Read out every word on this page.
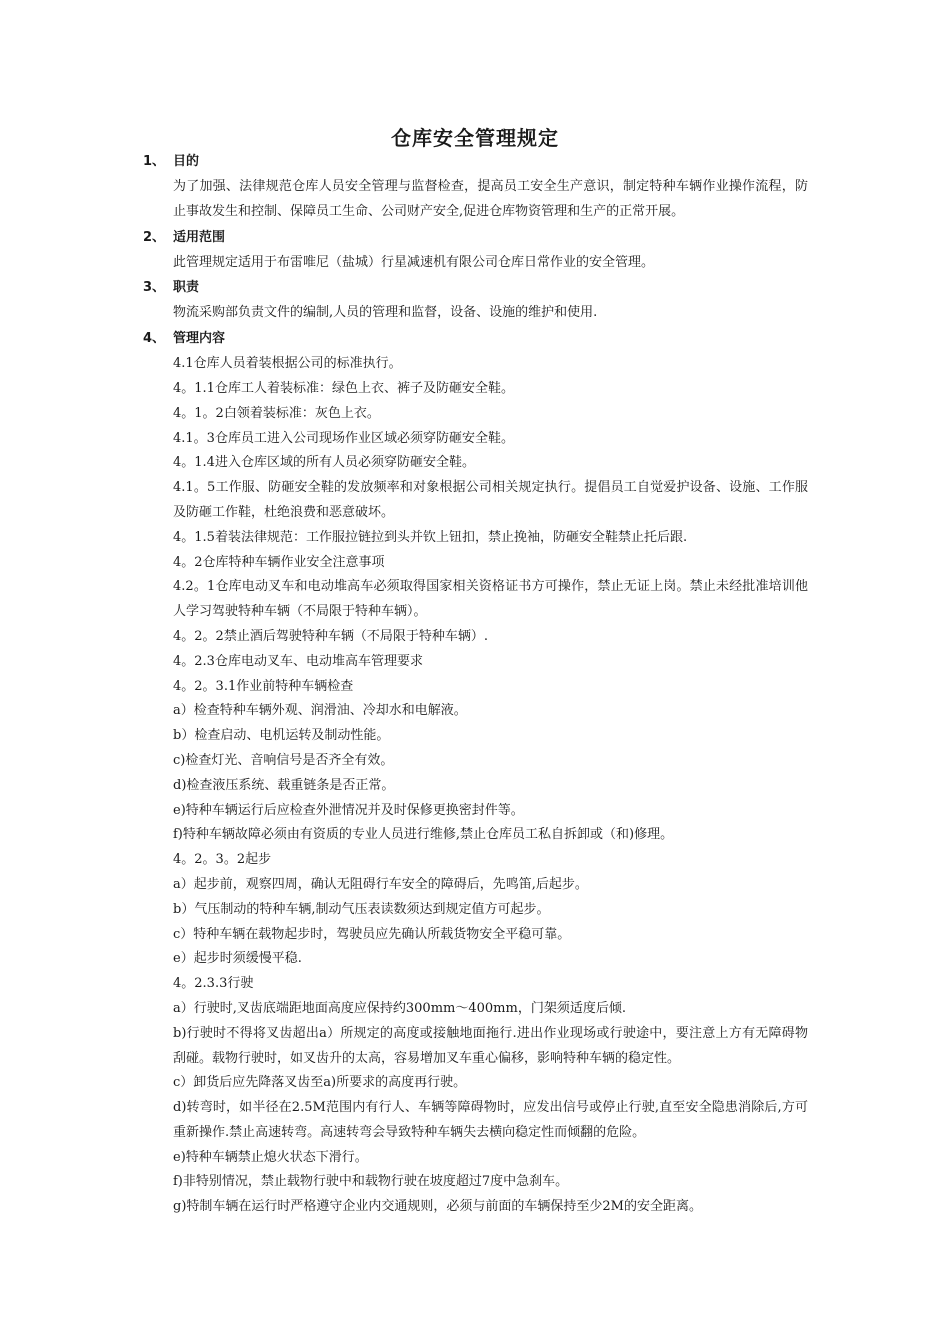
仓库安全管理规定
1、 目的
为了加强、法律规范仓库人员安全管理与监督检查，提高员工安全生产意识，制定特种车辆作业操作流程，防止事故发生和控制、保障员工生命、公司财产安全,促进仓库物资管理和生产的正常开展。
2、 适用范围
此管理规定适用于布雷唯尼（盐城）行星减速机有限公司仓库日常作业的安全管理。
3、 职责
物流采购部负责文件的编制,人员的管理和监督，设备、设施的维护和使用.
4、 管理内容
4.1仓库人员着装根据公司的标准执行。
4。1.1仓库工人着装标准：绿色上衣、裤子及防砸安全鞋。
4。1。2白领着装标准：灰色上衣。
4.1。3仓库员工进入公司现场作业区域必须穿防砸安全鞋。
4。1.4进入仓库区域的所有人员必须穿防砸安全鞋。
4.1。5工作服、防砸安全鞋的发放频率和对象根据公司相关规定执行。提倡员工自觉爱护设备、设施、工作服及防砸工作鞋，杜绝浪费和恶意破坏。
4。1.5着装法律规范：工作服拉链拉到头并钦上钮扣，禁止挽袖，防砸安全鞋禁止托后跟.
4。2仓库特种车辆作业安全注意事项
4.2。1仓库电动叉车和电动堆高车必须取得国家相关资格证书方可操作，禁止无证上岗。禁止未经批准培训他人学习驾驶特种车辆（不局限于特种车辆）。
4。2。2禁止酒后驾驶特种车辆（不局限于特种车辆）.
4。2.3仓库电动叉车、电动堆高车管理要求
4。2。3.1作业前特种车辆检查
a）检查特种车辆外观、润滑油、冷却水和电解液。
b）检查启动、电机运转及制动性能。
c)检查灯光、音响信号是否齐全有效。
d)检查液压系统、载重链条是否正常。
e)特种车辆运行后应检查外泄情况并及时保修更换密封件等。
f)特种车辆故障必须由有资质的专业人员进行维修,禁止仓库员工私自拆卸或（和)修理。
4。2。3。2起步
a）起步前，观察四周，确认无阻碍行车安全的障碍后，先鸣笛,后起步。
b）气压制动的特种车辆,制动气压表读数须达到规定值方可起步。
c）特种车辆在载物起步时，驾驶员应先确认所载货物安全平稳可靠。
e）起步时须缓慢平稳.
4。2.3.3行驶
a）行驶时,叉齿底端距地面高度应保持约300mm～400mm，门架须适度后倾.
b)行驶时不得将叉齿超出a）所规定的高度或接触地面拖行.进出作业现场或行驶途中，要注意上方有无障碍物刮碰。载物行驶时，如叉齿升的太高，容易增加叉车重心偏移，影响特种车辆的稳定性。
c）卸货后应先降落叉齿至a)所要求的高度再行驶。
d)转弯时，如半径在2.5M范围内有行人、车辆等障碍物时，应发出信号或停止行驶,直至安全隐患消除后,方可重新操作.禁止高速转弯。高速转弯会导致特种车辆失去横向稳定性而倾翻的危险。
e)特种车辆禁止熄火状态下滑行。
f)非特别情况，禁止载物行驶中和载物行驶在坡度超过7度中急刹车。
g)特制车辆在运行时严格遵守企业内交通规则，必须与前面的车辆保持至少2M的安全距离。
